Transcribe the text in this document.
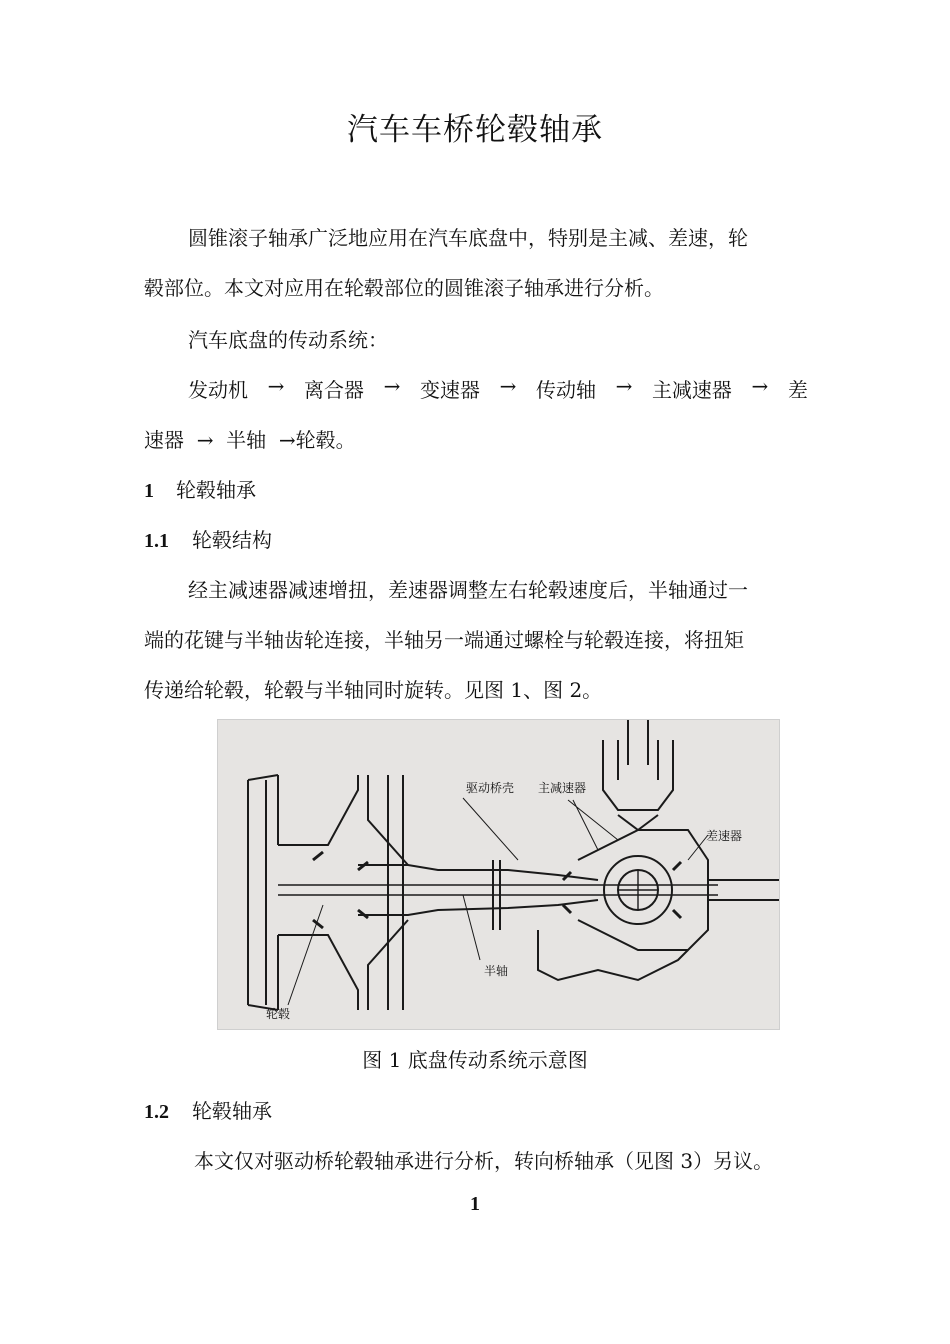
汽车车桥轮毂轴承
圆锥滚子轴承广泛地应用在汽车底盘中，特别是主减、差速，轮
毂部位。本文对应用在轮毂部位的圆锥滚子轴承进行分析。
汽车底盘的传动系统：
发动机 → 离合器 → 变速器 → 传动轴 → 主减速器 → 差
速器  →  半轴  →轮毂。
1 轮毂轴承
1.1 轮毂结构
经主减速器减速增扭，差速器调整左右轮毂速度后，半轴通过一
端的花键与半轴齿轮连接，半轴另一端通过螺栓与轮毂连接，将扭矩
传递给轮毂，轮毂与半轴同时旋转。见图 1、图 2。
驱动桥壳 主减速器
差速器
半轴
轮毂
图 1 底盘传动系统示意图
1.2 轮毂轴承
本文仅对驱动桥轮毂轴承进行分析，转向桥轴承（见图 3）另议。
1
